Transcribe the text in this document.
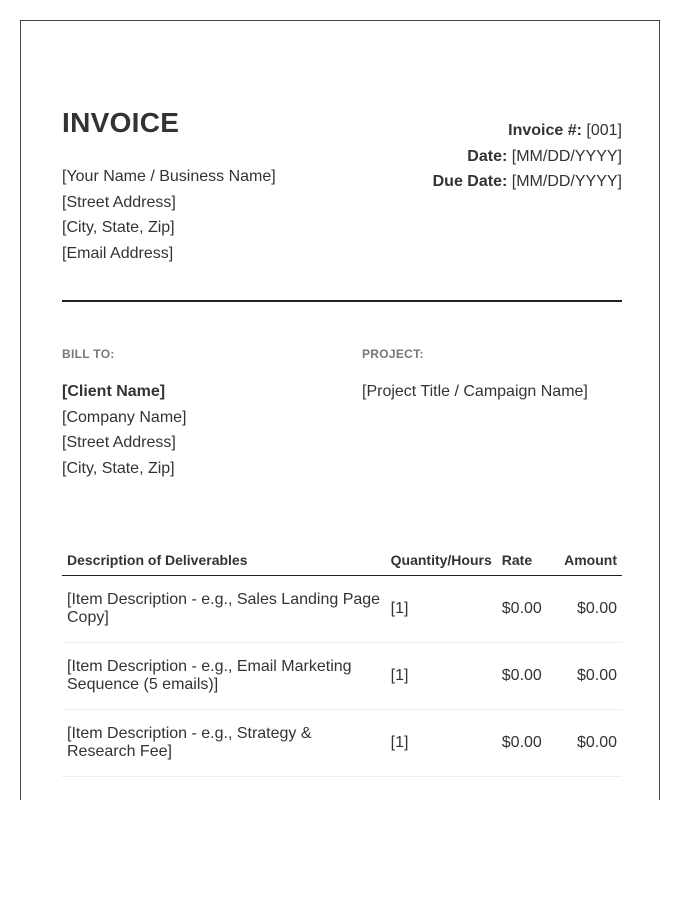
INVOICE
[Your Name / Business Name]
[Street Address]
[City, State, Zip]
[Email Address]
Invoice #: [001]
Date: [MM/DD/YYYY]
Due Date: [MM/DD/YYYY]
BILL TO:	PROJECT:
[Client Name]
[Company Name]
[Street Address]
[City, State, Zip]
[Project Title / Campaign Name]
Description of Deliverables	Quantity/Hours	Rate	Amount
[Item Description - e.g., Sales Landing Page Copy]	[1]	$0.00	$0.00
[Item Description - e.g., Email Marketing Sequence (5 emails)]	[1]	$0.00	$0.00
[Item Description - e.g., Strategy & Research Fee]	[1]	$0.00	$0.00
